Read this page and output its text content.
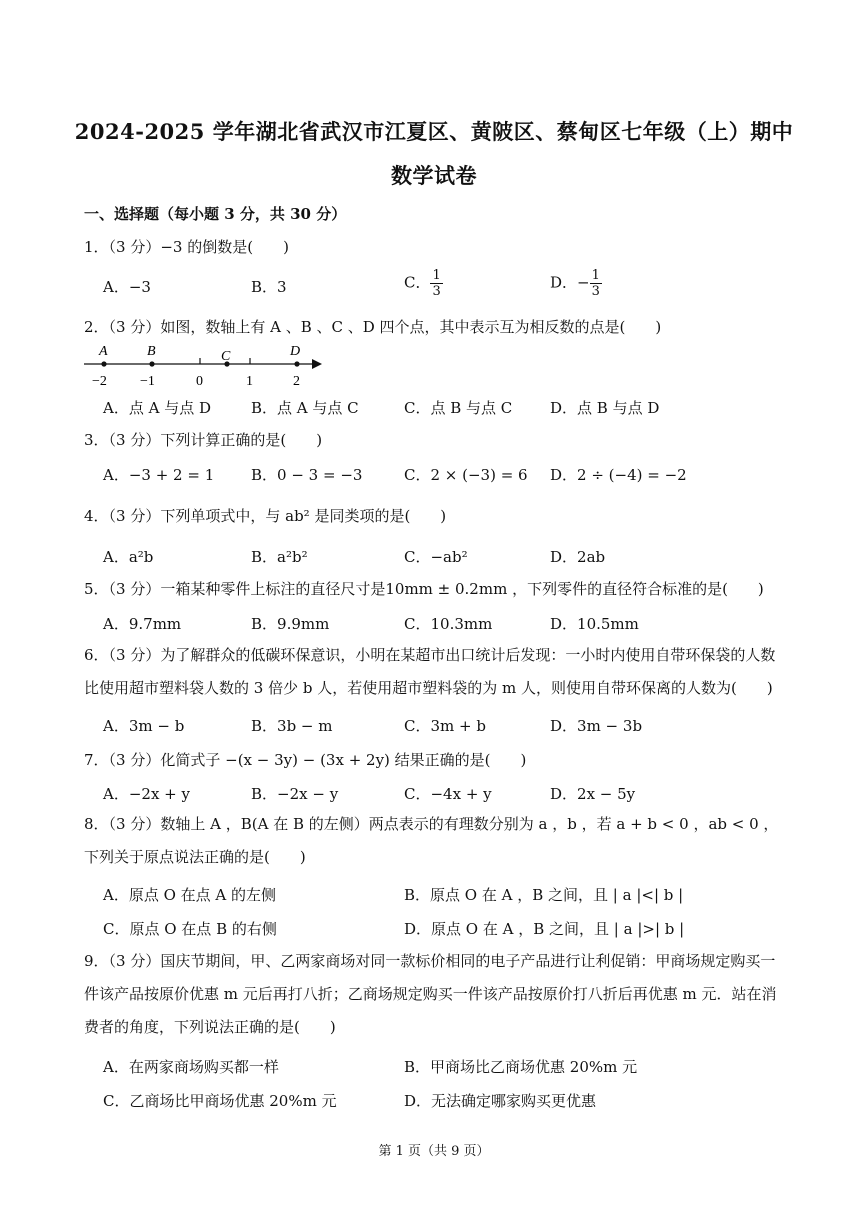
2024-2025 学年湖北省武汉市江夏区、黄陂区、蔡甸区七年级（上）期中
数学试卷
一、选择题（每小题 3 分，共 30 分）
1．（3 分）−3 的倒数是(　　)
A．−3	B．3	C． $\frac{1}{3}$	D．− $\frac{1}{3}$
2．（3 分）如图，数轴上有 A 、B 、C 、D 四个点，其中表示互为相反数的点是(　　)
A	B	C	D
−2 −1	0	1	2
A．点 A 与点 D	B．点 A 与点 C	C．点 B 与点 C	D．点 B 与点 D
3．（3 分）下列计算正确的是(　　)
A．−3 + 2 = 1 B．0 − 3 = −3	C．2 × (−3) = 6 D．2 ÷ (−4) = −2
4．（3 分）下列单项式中，与 ab² 是同类项的是(　　)
A．a²b	B．a²b²	C．−ab²	D．2ab
5．（3 分）一箱某种零件上标注的直径尺寸是10mm ± 0.2mm ，下列零件的直径符合标准的是(　　)
A．9.7mm	B．9.9mm	C．10.3mm	D．10.5mm
6．（3 分）为了解群众的低碳环保意识，小明在某超市出口统计后发现：一小时内使用自带环保袋的人数比使用超市塑料袋人数的 3 倍少 b 人，若使用超市塑料袋的为 m 人，则使用自带环保离的人数为(　　)
A．3m − b	B．3b − m	C．3m + b	D．3m − 3b
7．（3 分）化简式子 −(x − 3y) − (3x + 2y) 结果正确的是(　　)
A．−2x + y	B．−2x − y	C．−4x + y	D．2x − 5y
8．（3 分）数轴上 A ，B(A 在 B 的左侧）两点表示的有理数分别为 a ，b ，若 a + b < 0 ，ab < 0 ，下列关于原点说法正确的是(　　)
A．原点 O 在点 A 的左侧	B．原点 O 在 A ，B 之间，且 | a |<| b |
C．原点 O 在点 B 的右侧	D．原点 O 在 A ，B 之间，且 | a |>| b |
9．（3 分）国庆节期间，甲、乙两家商场对同一款标价相同的电子产品进行让利促销：甲商场规定购买一件该产品按原价优惠 m 元后再打八折；乙商场规定购买一件该产品按原价打八折后再优惠 m 元．站在消费者的角度，下列说法正确的是(　　)
A．在两家商场购买都一样	B．甲商场比乙商场优惠 20%m 元
C．乙商场比甲商场优惠 20%m 元	D．无法确定哪家购买更优惠
第 1 页（共 9 页）
